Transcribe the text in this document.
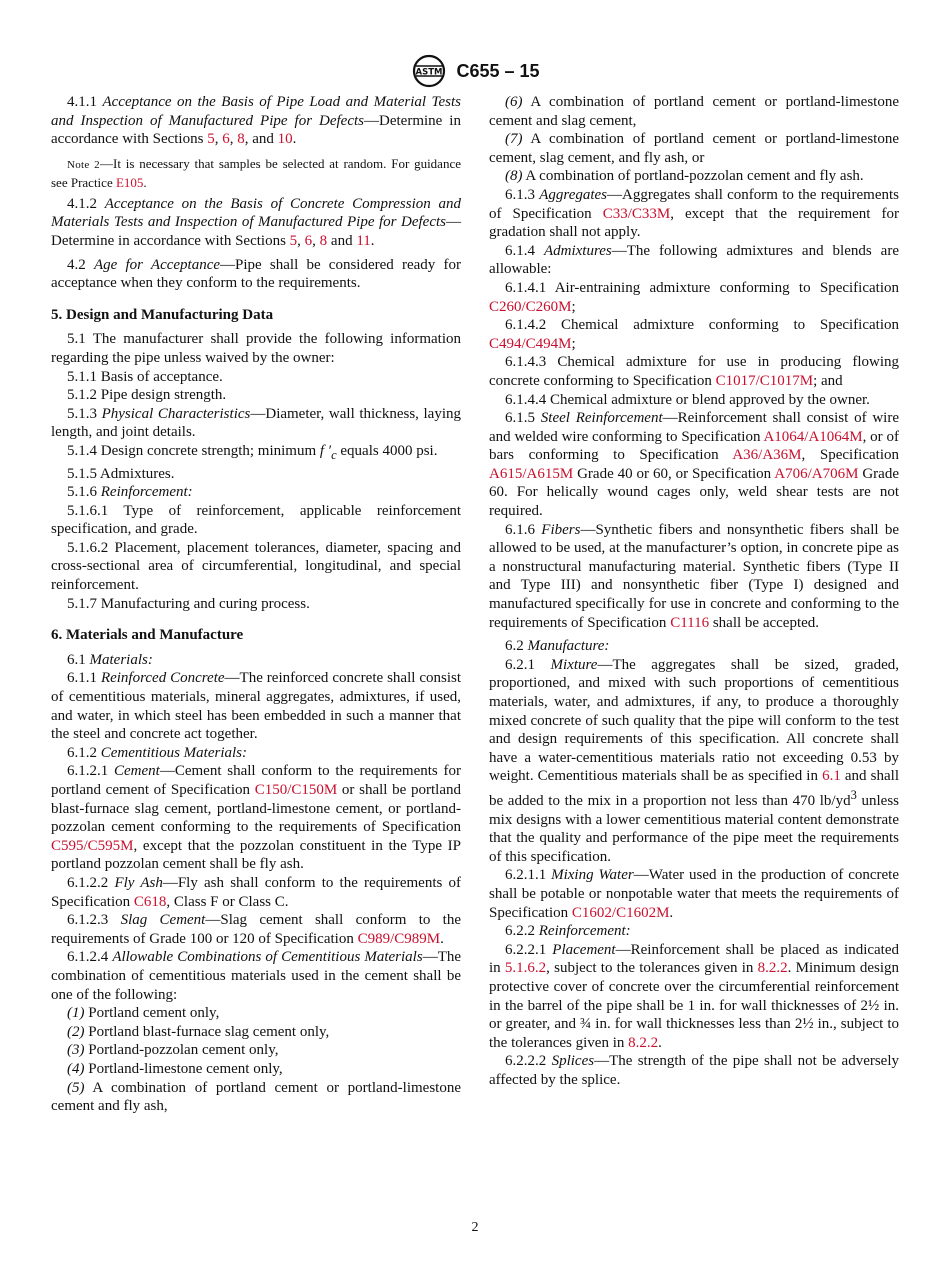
ASTM C655 – 15

4.1.1 Acceptance on the Basis of Pipe Load and Material Tests and Inspection of Manufactured Pipe for Defects—Determine in accordance with Sections 5, 6, 8, and 10.

Note 2—It is necessary that samples be selected at random. For guidance see Practice E105.

4.1.2 Acceptance on the Basis of Concrete Compression and Materials Tests and Inspection of Manufactured Pipe for Defects—Determine in accordance with Sections 5, 6, 8 and 11.

4.2 Age for Acceptance—Pipe shall be considered ready for acceptance when they conform to the requirements.

5. Design and Manufacturing Data

5.1 The manufacturer shall provide the following information regarding the pipe unless waived by the owner:

5.1.1 Basis of acceptance.

5.1.2 Pipe design strength.

5.1.3 Physical Characteristics—Diameter, wall thickness, laying length, and joint details.

5.1.4 Design concrete strength; minimum f $'_c$ equals 4000 psi.

5.1.5 Admixtures.

5.1.6 Reinforcement:

5.1.6.1 Type of reinforcement, applicable reinforcement specification, and grade.

5.1.6.2 Placement, placement tolerances, diameter, spacing and cross-sectional area of circumferential, longitudinal, and special reinforcement.

5.1.7 Manufacturing and curing process.

6. Materials and Manufacture

6.1 Materials:

6.1.1 Reinforced Concrete—The reinforced concrete shall consist of cementitious materials, mineral aggregates, admixtures, if used, and water, in which steel has been embedded in such a manner that the steel and concrete act together.

6.1.2 Cementitious Materials:

6.1.2.1 Cement—Cement shall conform to the requirements for portland cement of Specification C150/C150M or shall be portland blast-furnace slag cement, portland-limestone cement, or portland-pozzolan cement conforming to the requirements of Specification C595/C595M, except that the pozzolan constituent in the Type IP portland pozzolan cement shall be fly ash.

6.1.2.2 Fly Ash—Fly ash shall conform to the requirements of Specification C618, Class F or Class C.

6.1.2.3 Slag Cement—Slag cement shall conform to the requirements of Grade 100 or 120 of Specification C989/C989M.

6.1.2.4 Allowable Combinations of Cementitious Materials—The combination of cementitious materials used in the cement shall be one of the following:

(1) Portland cement only,

(2) Portland blast-furnace slag cement only,

(3) Portland-pozzolan cement only,

(4) Portland-limestone cement only,

(5) A combination of portland cement or portland-limestone cement and fly ash,

(6) A combination of portland cement or portland-limestone cement and slag cement,

(7) A combination of portland cement or portland-limestone cement, slag cement, and fly ash, or

(8) A combination of portland-pozzolan cement and fly ash.

6.1.3 Aggregates—Aggregates shall conform to the requirements of Specification C33/C33M, except that the requirement for gradation shall not apply.

6.1.4 Admixtures—The following admixtures and blends are allowable:

6.1.4.1 Air-entraining admixture conforming to Specification C260/C260M;

6.1.4.2 Chemical admixture conforming to Specification C494/C494M;

6.1.4.3 Chemical admixture for use in producing flowing concrete conforming to Specification C1017/C1017M; and

6.1.4.4 Chemical admixture or blend approved by the owner.

6.1.5 Steel Reinforcement—Reinforcement shall consist of wire and welded wire conforming to Specification A1064/A1064M, or of bars conforming to Specification A36/A36M, Specification A615/A615M Grade 40 or 60, or Specification A706/A706M Grade 60. For helically wound cages only, weld shear tests are not required.

6.1.6 Fibers—Synthetic fibers and nonsynthetic fibers shall be allowed to be used, at the manufacturer’s option, in concrete pipe as a nonstructural manufacturing material. Synthetic fibers (Type II and Type III) and nonsynthetic fiber (Type I) designed and manufactured specifically for use in concrete and conforming to the requirements of Specification C1116 shall be accepted.

6.2 Manufacture:

6.2.1 Mixture—The aggregates shall be sized, graded, proportioned, and mixed with such proportions of cementitious materials, water, and admixtures, if any, to produce a thoroughly mixed concrete of such quality that the pipe will conform to the test and design requirements of this specification. All concrete shall have a water-cementitious materials ratio not exceeding 0.53 by weight. Cementitious materials shall be as specified in 6.1 and shall be added to the mix in a proportion not less than 470 $lb/yd^3$ unless mix designs with a lower cementitious material content demonstrate that the quality and performance of the pipe meet the requirements of this specification.

6.2.1.1 Mixing Water—Water used in the production of concrete shall be potable or nonpotable water that meets the requirements of Specification C1602/C1602M.

6.2.2 Reinforcement:

6.2.2.1 Placement—Reinforcement shall be placed as indicated in 5.1.6.2, subject to the tolerances given in 8.2.2. Minimum design protective cover of concrete over the circumferential reinforcement in the barrel of the pipe shall be 1 in. for wall thicknesses of 2½ in. or greater, and ¾ in. for wall thicknesses less than 2½ in., subject to the tolerances given in 8.2.2.

6.2.2.2 Splices—The strength of the pipe shall not be adversely affected by the splice.

2
